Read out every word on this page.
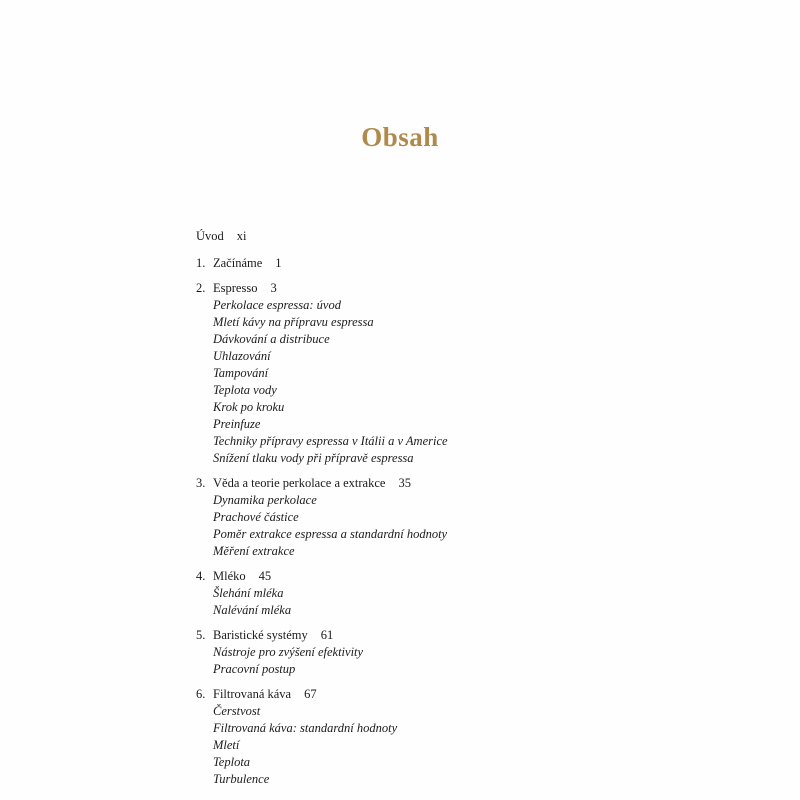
Obsah
Úvod xi
1. Začínáme 1
2. Espresso 3
Perkolace espressa: úvod
Mletí kávy na přípravu espressa
Dávkování a distribuce
Uhlazování
Tampování
Teplota vody
Krok po kroku
Preinfuze
Techniky přípravy espressa v Itálii a v Americe
Snížení tlaku vody při přípravě espressa
3. Věda a teorie perkolace a extrakce 35
Dynamika perkolace
Prachové částice
Poměr extrakce espressa a standardní hodnoty
Měření extrakce
4. Mléko 45
Šlehání mléka
Nalévání mléka
5. Baristické systémy 61
Nástroje pro zvýšení efektivity
Pracovní postup
6. Filtrovaná káva 67
Čerstvost
Filtrovaná káva: standardní hodnoty
Mletí
Teplota
Turbulence
